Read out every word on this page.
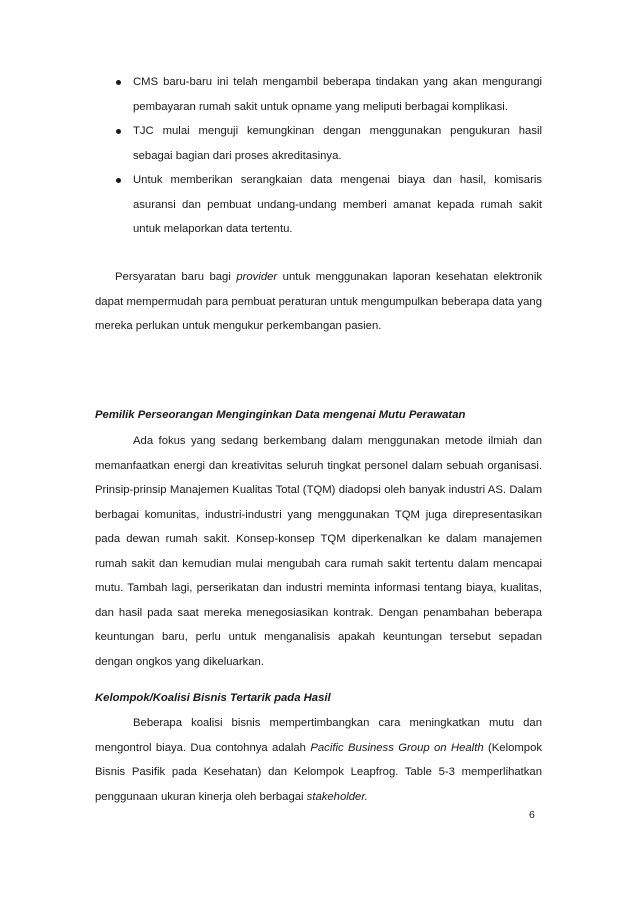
CMS baru-baru ini telah mengambil beberapa tindakan yang akan mengurangi pembayaran rumah sakit untuk opname yang meliputi berbagai komplikasi.
TJC mulai menguji kemungkinan dengan menggunakan pengukuran hasil sebagai bagian dari proses akreditasinya.
Untuk memberikan serangkaian data mengenai biaya dan hasil, komisaris asuransi dan pembuat undang-undang memberi amanat kepada rumah sakit untuk melaporkan data tertentu.

Persyaratan baru bagi provider untuk menggunakan laporan kesehatan elektronik dapat mempermudah para pembuat peraturan untuk mengumpulkan beberapa data yang mereka perlukan untuk mengukur perkembangan pasien.

Pemilik Perseorangan Menginginkan Data mengenai Mutu Perawatan

Ada fokus yang sedang berkembang dalam menggunakan metode ilmiah dan memanfaatkan energi dan kreativitas seluruh tingkat personel dalam sebuah organisasi. Prinsip-prinsip Manajemen Kualitas Total (TQM) diadopsi oleh banyak industri AS. Dalam berbagai komunitas, industri-industri yang menggunakan TQM juga direpresentasikan pada dewan rumah sakit. Konsep-konsep TQM diperkenalkan ke dalam manajemen rumah sakit dan kemudian mulai mengubah cara rumah sakit tertentu dalam mencapai mutu. Tambah lagi, perserikatan dan industri meminta informasi tentang biaya, kualitas, dan hasil pada saat mereka menegosiasikan kontrak. Dengan penambahan beberapa keuntungan baru, perlu untuk menganalisis apakah keuntungan tersebut sepadan dengan ongkos yang dikeluarkan.

Kelompok/Koalisi Bisnis Tertarik pada Hasil

Beberapa koalisi bisnis mempertimbangkan cara meningkatkan mutu dan mengontrol biaya. Dua contohnya adalah Pacific Business Group on Health (Kelompok Bisnis Pasifik pada Kesehatan) dan Kelompok Leapfrog. Table 5-3 memperlihatkan penggunaan ukuran kinerja oleh berbagai stakeholder.

6
